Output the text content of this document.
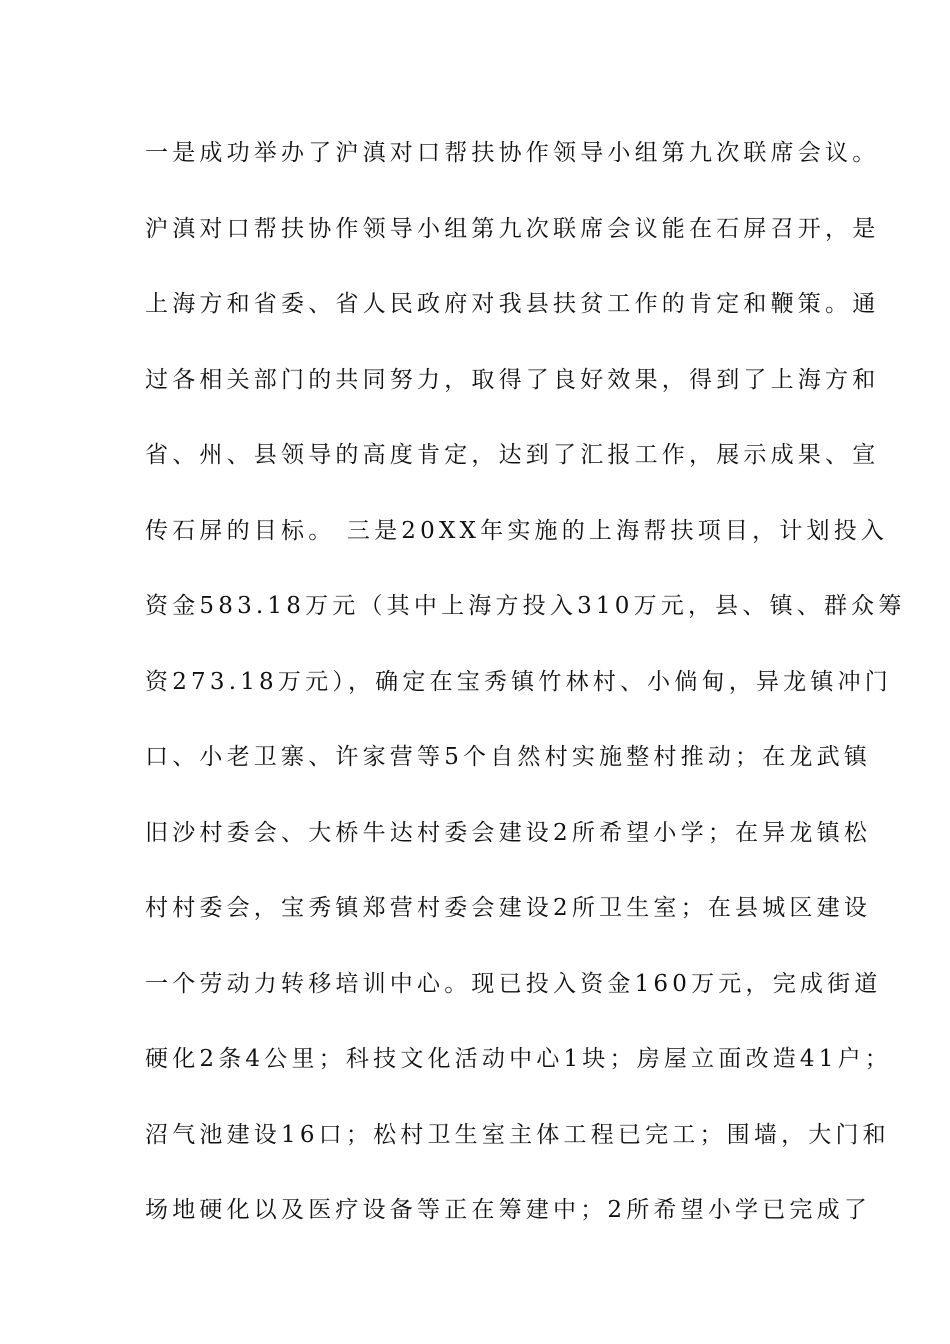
一是成功举办了沪滇对口帮扶协作领导小组第九次联席会议。
沪滇对口帮扶协作领导小组第九次联席会议能在石屏召开，是
上海方和省委、省人民政府对我县扶贫工作的肯定和鞭策。通
过各相关部门的共同努力，取得了良好效果，得到了上海方和
省、州、县领导的高度肯定，达到了汇报工作，展示成果、宣
传石屏的目标。 三是20XX年实施的上海帮扶项目，计划投入
资金583.18万元（其中上海方投入310万元，县、镇、群众筹
资273.18万元），确定在宝秀镇竹林村、小倘甸，异龙镇冲门
口、小老卫寨、许家营等5个自然村实施整村推动；在龙武镇
旧沙村委会、大桥牛达村委会建设2所希望小学；在异龙镇松
村村委会，宝秀镇郑营村委会建设2所卫生室；在县城区建设
一个劳动力转移培训中心。现已投入资金160万元，完成街道
硬化2条4公里；科技文化活动中心1块；房屋立面改造41户；
沼气池建设16口；松村卫生室主体工程已完工；围墙，大门和
场地硬化以及医疗设备等正在筹建中；2所希望小学已完成了
